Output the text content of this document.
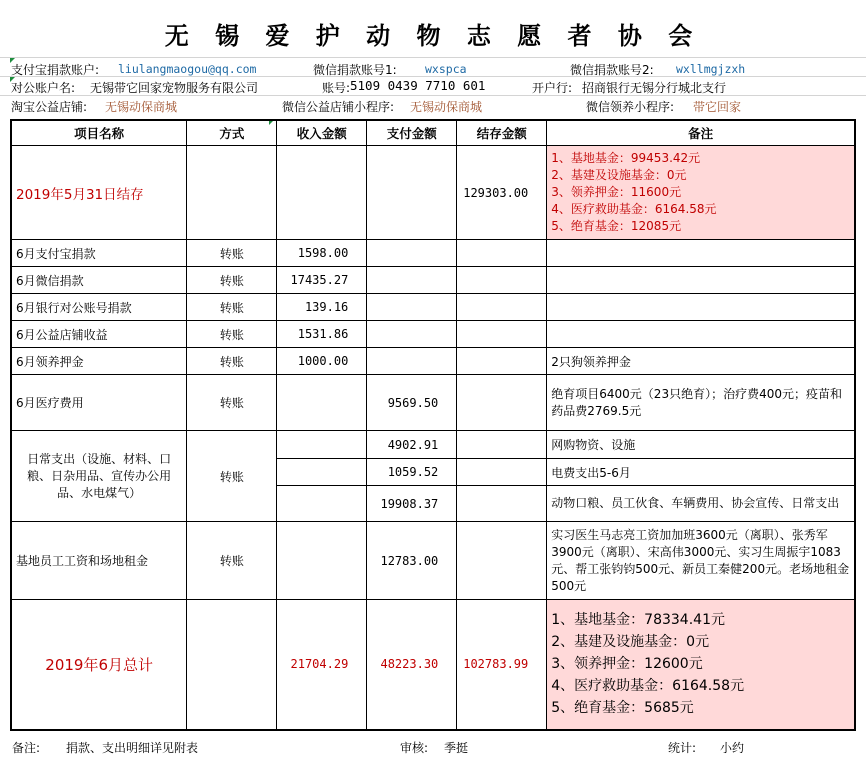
无 锡 爱 护 动 物 志 愿 者 协 会
支付宝捐款账户: liulangmaogou@qq.com	微信捐款账号1: wxspca	微信捐款账号2: wxllmgjzxh
对公账户名: 无锡带它回家宠物服务有限公司	账号: 5109 0439 7710 601	开户行: 招商银行无锡分行城北支行
淘宝公益店铺: 无锡动保商城	微信公益店铺小程序: 无锡动保商城	微信领养小程序: 带它回家
项目名称	方式	收入金额	支付金额	结存金额	备注
2019年5月31日结存				129303.00	1、基地基金：99453.42元
2、基建及设施基金：0元
3、领养押金：11600元
4、医疗救助基金：6164.58元
5、绝育基金：12085元

6月支付宝捐款	转账	1598.00			
6月微信捐款	转账	17435.27			
6月银行对公账号捐款	转账	139.16			
6月公益店铺收益	转账	1531.86			
6月领养押金	转账	1000.00			2只狗领养押金
6月医疗费用	转账		9569.50		绝育项目6400元（23只绝育）；治疗费400元；疫苗和药品费2769.5元
日常支出（设施、材料、口粮、日杂用品、宣传办公用品、水电煤气）	转账		4902.91		网购物资、设施
			1059.52		电费支出5-6月
			19908.37		动物口粮、员工伙食、车辆费用、协会宣传、日常支出
基地员工工资和场地租金	转账		12783.00		实习医生马志亮工资加加班3600元（离职）、张秀军3900元（离职）、宋高伟3000元、实习生周振宇1083元、帮工张钧钧500元、新员工秦健200元。老场地租金500元
2019年6月总计		21704.29	48223.30	102783.99	1、基地基金：78334.41元
2、基建及设施基金：0元
3、领养押金：12600元
4、医疗救助基金：6164.58元
5、绝育基金：5685元
备注: 捐款、支出明细详见附表	审核: 季挺	统计: 小约
